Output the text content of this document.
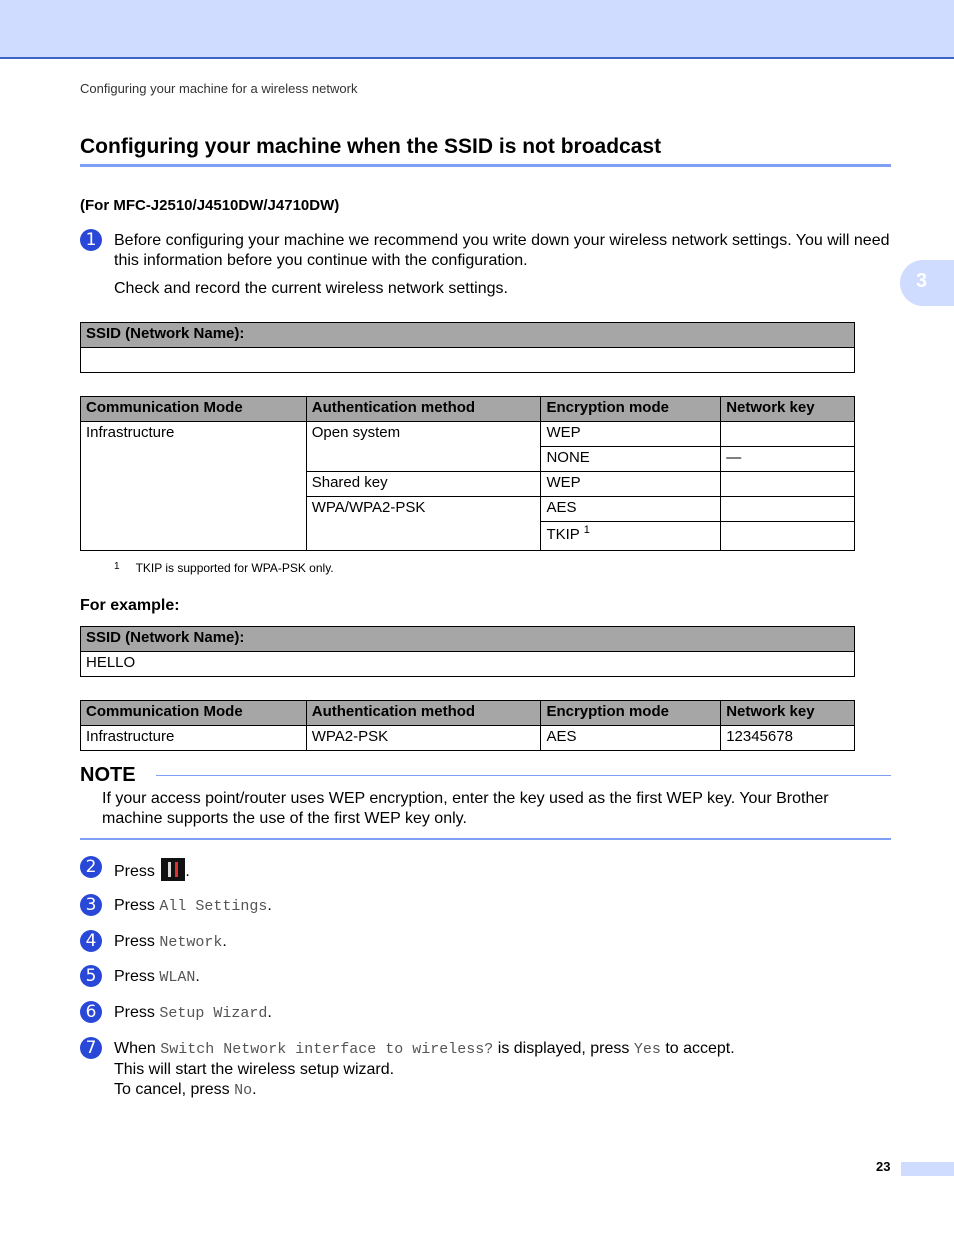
Configuring your machine for a wireless network
3
Configuring your machine when the SSID is not broadcast
(For MFC-J2510/J4510DW/J4710DW)
1	Before configuring your machine we recommend you write down your wireless network settings. You will need this information before you continue with the configuration.
Check and record the current wireless network settings.
SSID (Network Name):

Communication Mode	Authentication method	Encryption mode	Network key
Infrastructure	Open system	WEP	
		NONE	—
	Shared key	WEP	
	WPA/WPA2-PSK	AES	
		TKIP $^1$	
$^1$ TKIP is supported for WPA-PSK only.
For example:
SSID (Network Name):
HELLO
Communication Mode	Authentication method	Encryption mode	Network key
Infrastructure	WPA2-PSK	AES	12345678
NOTE
If your access point/router uses WEP encryption, enter the key used as the first WEP key. Your Brother machine supports the use of the first WEP key only.
2	Press .
3	Press All Settings.
4	Press Network.
5	Press WLAN.
6	Press Setup Wizard.
7	When Switch Network interface to wireless? is displayed, press Yes to accept.
This will start the wireless setup wizard.
To cancel, press No.
23
